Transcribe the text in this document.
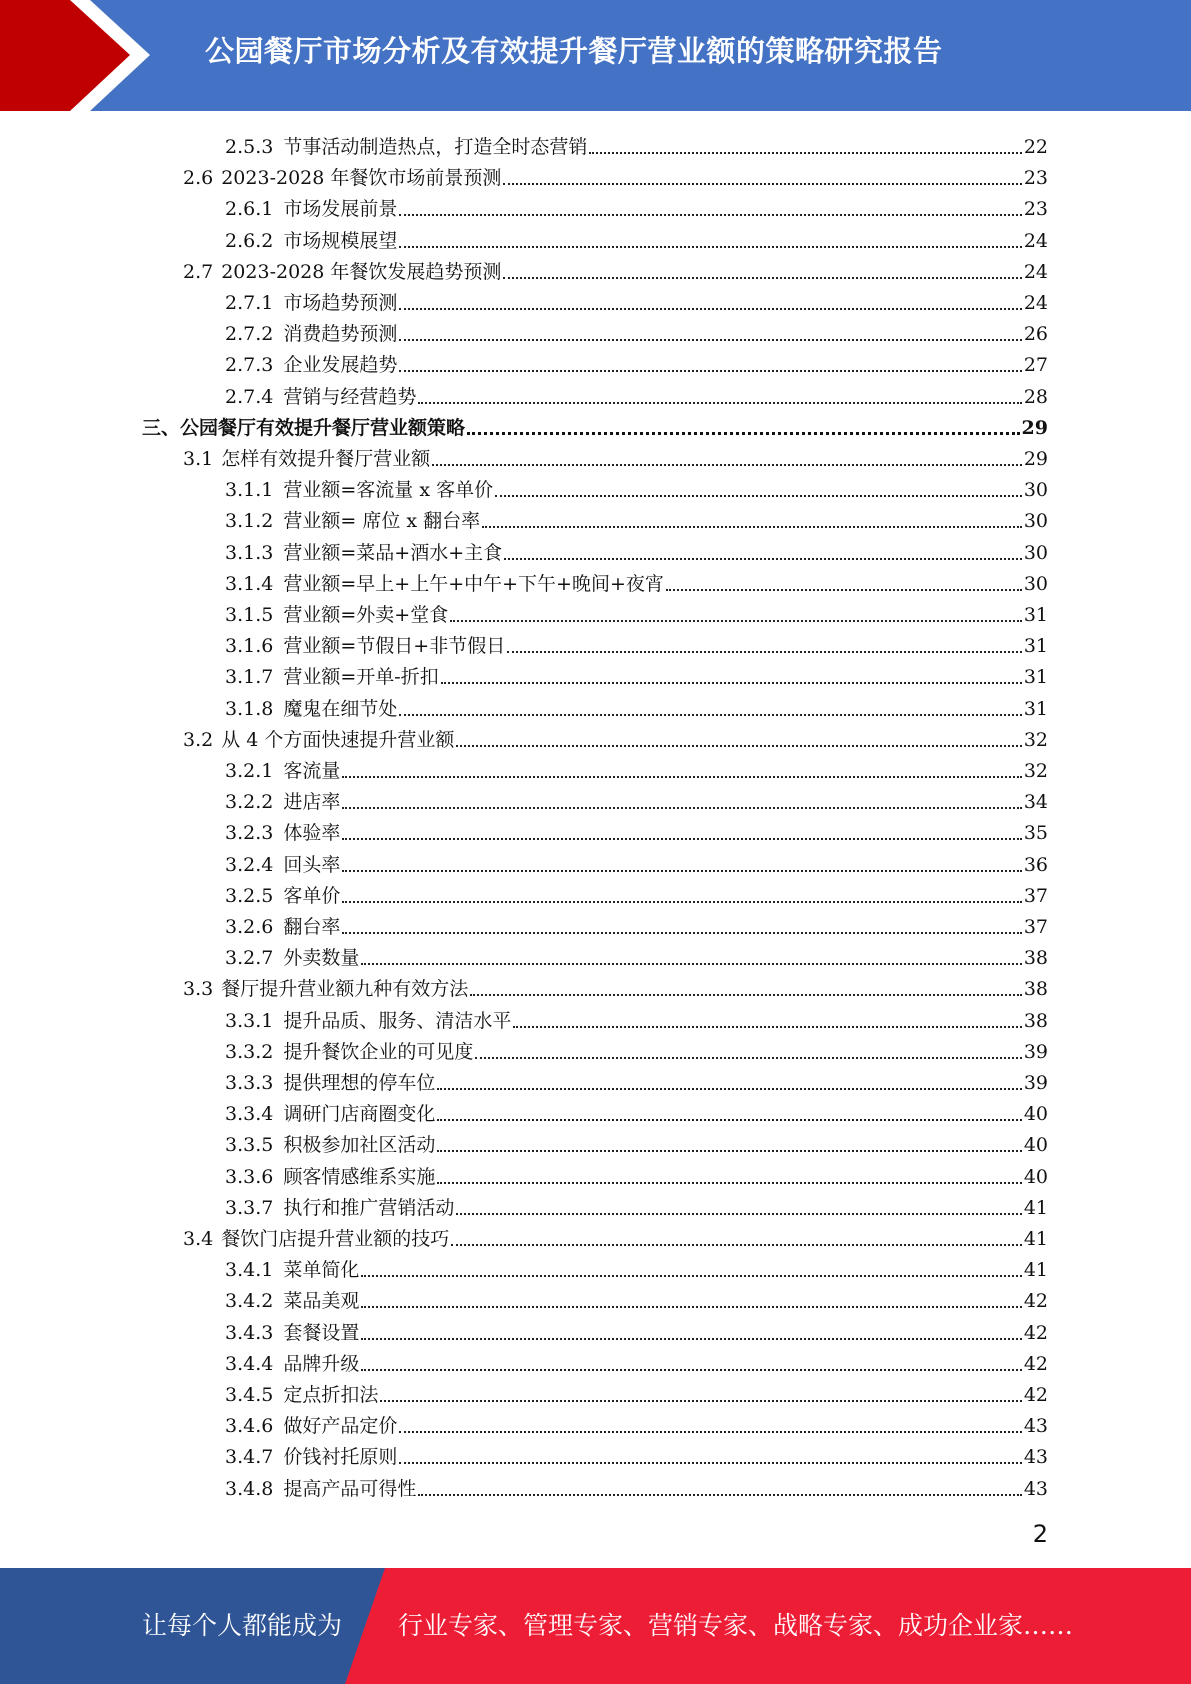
公园餐厅市场分析及有效提升餐厅营业额的策略研究报告
2.5.3 节事活动制造热点，打造全时态营销	22
2.6 2023-2028 年餐饮市场前景预测	23
2.6.1 市场发展前景	23
2.6.2 市场规模展望	24
2.7 2023-2028 年餐饮发展趋势预测	24
2.7.1 市场趋势预测	24
2.7.2 消费趋势预测	26
2.7.3 企业发展趋势	27
2.7.4 营销与经营趋势	28
三、 公园餐厅有效提升餐厅营业额策略	29
3.1 怎样有效提升餐厅营业额	29
3.1.1 营业额=客流量 x 客单价	30
3.1.2 营业额= 席位 x 翻台率	30
3.1.3 营业额=菜品+酒水+主食	30
3.1.4 营业额=早上+上午+中午+下午+晚间+夜宵	30
3.1.5 营业额=外卖+堂食	31
3.1.6 营业额=节假日+非节假日	31
3.1.7 营业额=开单-折扣	31
3.1.8 魔鬼在细节处	31
3.2 从 4 个方面快速提升营业额	32
3.2.1 客流量	32
3.2.2 进店率	34
3.2.3 体验率	35
3.2.4 回头率	36
3.2.5 客单价	37
3.2.6 翻台率	37
3.2.7 外卖数量	38
3.3 餐厅提升营业额九种有效方法	38
3.3.1 提升品质、服务、清洁水平	38
3.3.2 提升餐饮企业的可见度	39
3.3.3 提供理想的停车位	39
3.3.4 调研门店商圈变化	40
3.3.5 积极参加社区活动	40
3.3.6 顾客情感维系实施	40
3.3.7 执行和推广营销活动	41
3.4 餐饮门店提升营业额的技巧	41
3.4.1 菜单简化	41
3.4.2 菜品美观	42
3.4.3 套餐设置	42
3.4.4 品牌升级	42
3.4.5 定点折扣法	42
3.4.6 做好产品定价	43
3.4.7 价钱衬托原则	43
3.4.8 提高产品可得性	43
2
让每个人都能成为 行业专家、管理专家、营销专家、战略专家、成功企业家……
